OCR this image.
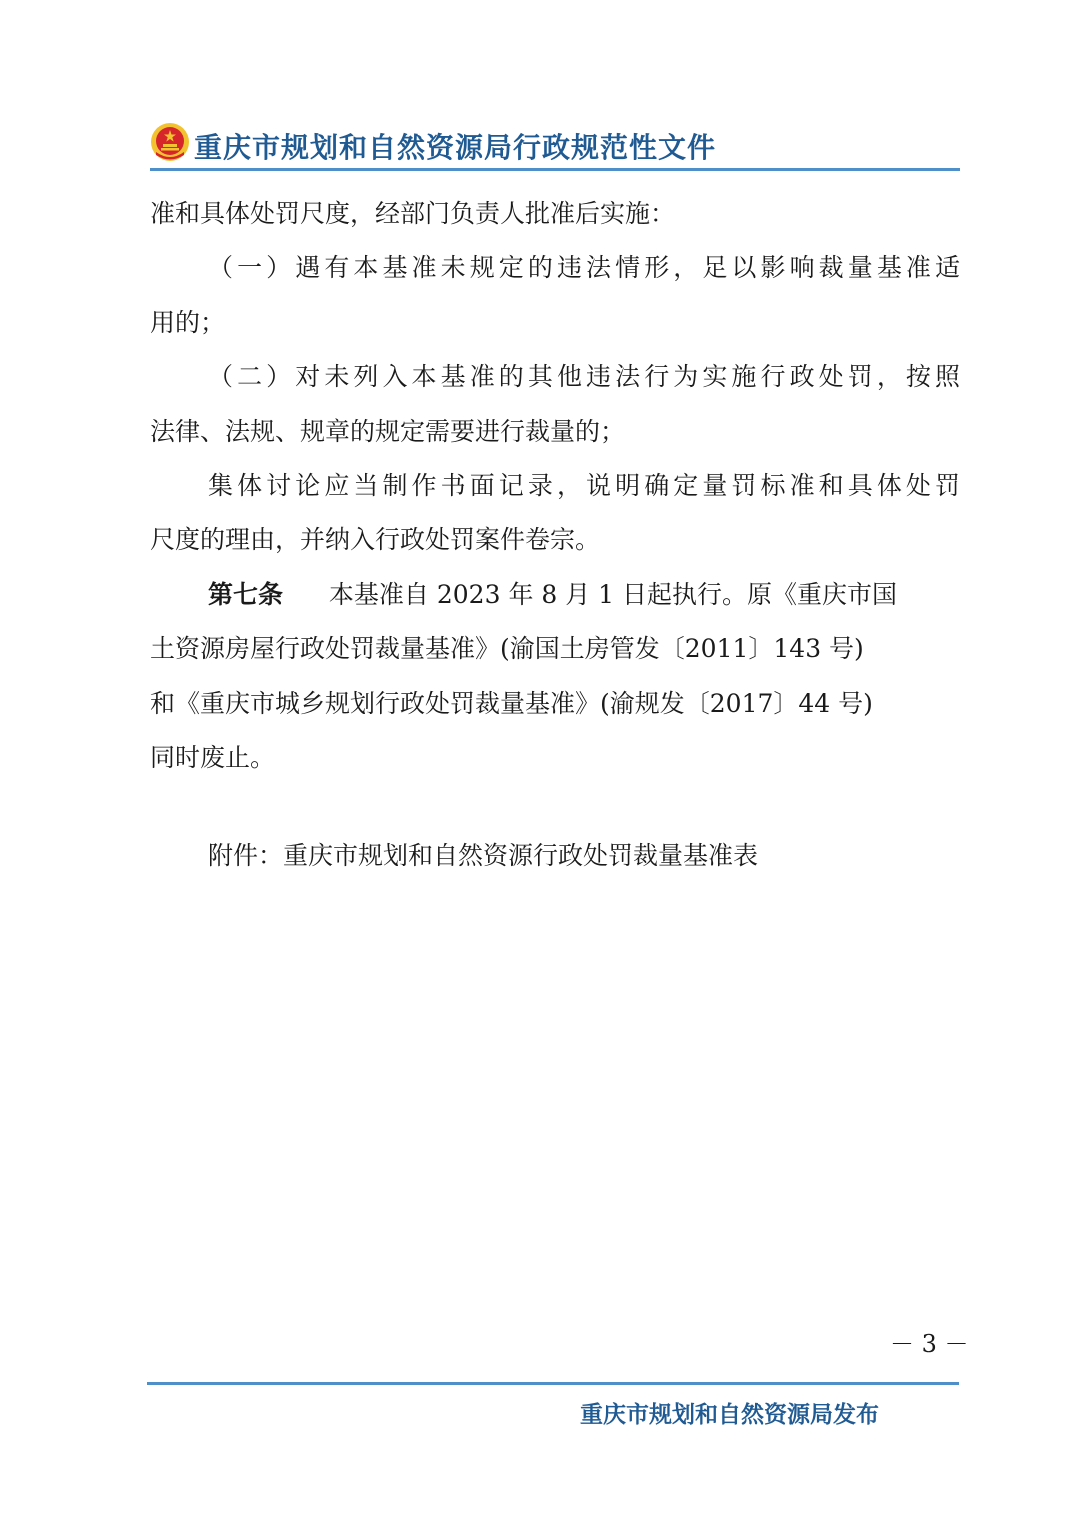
重庆市规划和自然资源局行政规范性文件
准和具体处罚尺度，经部门负责人批准后实施：
（一）遇有本基准未规定的违法情形，足以影响裁量基准适
用的；
（二）对未列入本基准的其他违法行为实施行政处罚，按照
法律、法规、规章的规定需要进行裁量的；
集体讨论应当制作书面记录，说明确定量罚标准和具体处罚
尺度的理由，并纳入行政处罚案件卷宗。
第七条 本基准自 2023 年 8 月 1 日起执行。原《重庆市国
土资源房屋行政处罚裁量基准》(渝国土房管发〔2011〕143 号)
和《重庆市城乡规划行政处罚裁量基准》(渝规发〔2017〕44 号)
同时废止。
附件：重庆市规划和自然资源行政处罚裁量基准表
－ 3 －
重庆市规划和自然资源局发布
